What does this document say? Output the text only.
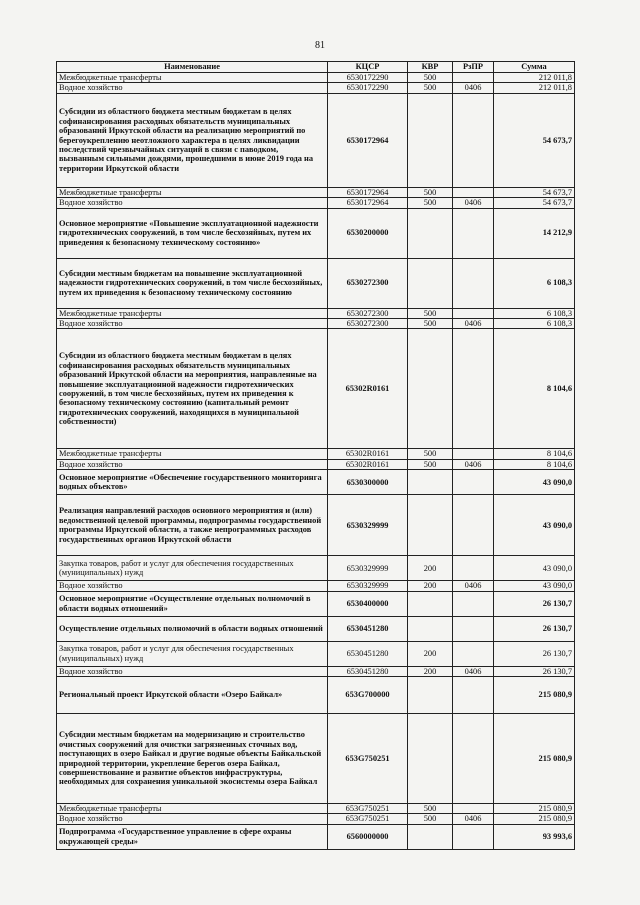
81
Наименование	КЦСР	КВР	РзПР	Сумма
Межбюджетные трансферты	6530172290	500		212 011,8
Водное хозяйство	6530172290	500	0406	212 011,8
Субсидии из областного бюджета местным бюджетам в целях софинансирования расходных обязательств муниципальных образований Иркутской области на реализацию мероприятий по берегоукреплению неотложного характера в целях ликвидации последствий чрезвычайных ситуаций в связи с паводком, вызванным сильными дождями, прошедшими в июне 2019 года на территории Иркутской области	6530172964			54 673,7
Межбюджетные трансферты	6530172964	500		54 673,7
Водное хозяйство	6530172964	500	0406	54 673,7
Основное мероприятие «Повышение эксплуатационной надежности гидротехнических сооружений, в том числе бесхозяйных, путем их приведения к безопасному техническому состоянию»	6530200000			14 212,9
Субсидии местным бюджетам на повышение эксплуатационной надежности гидротехнических сооружений, в том числе бесхозяйных, путем их приведения к безопасному техническому состоянию	6530272300			6 108,3
Межбюджетные трансферты	6530272300	500		6 108,3
Водное хозяйство	6530272300	500	0406	6 108,3
Субсидии из областного бюджета местным бюджетам в целях софинансирования расходных обязательств муниципальных образований Иркутской области на мероприятия, направленные на повышение эксплуатационной надежности гидротехнических сооружений, в том числе бесхозяйных, путем их приведения к безопасному техническому состоянию (капитальный ремонт гидротехнических сооружений, находящихся в муниципальной собственности)	65302R0161			8 104,6
Межбюджетные трансферты	65302R0161	500		8 104,6
Водное хозяйство	65302R0161	500	0406	8 104,6
Основное мероприятие «Обеспечение государственного мониторинга водных объектов»	6530300000			43 090,0
Реализация направлений расходов основного мероприятия и (или) ведомственной целевой программы, подпрограммы государственной программы Иркутской области, а также непрограммных расходов государственных органов Иркутской области	6530329999			43 090,0
Закупка товаров, работ и услуг для обеспечения государственных (муниципальных) нужд	6530329999	200		43 090,0
Водное хозяйство	6530329999	200	0406	43 090,0
Основное мероприятие «Осуществление отдельных полномочий в области водных отношений»	6530400000			26 130,7
Осуществление отдельных полномочий в области водных отношений	6530451280			26 130,7
Закупка товаров, работ и услуг для обеспечения государственных (муниципальных) нужд	6530451280	200		26 130,7
Водное хозяйство	6530451280	200	0406	26 130,7
Региональный проект Иркутской области «Озеро Байкал»	653G700000			215 080,9
Субсидии местным бюджетам на модернизацию и строительство очистных сооружений для очистки загрязненных сточных вод, поступающих в озеро Байкал и другие водные объекты Байкальской природной территории, укрепление берегов озера Байкал, совершенствование и развитие объектов инфраструктуры, необходимых для сохранения уникальной экосистемы озера Байкал	653G750251			215 080,9
Межбюджетные трансферты	653G750251	500		215 080,9
Водное хозяйство	653G750251	500	0406	215 080,9
Подпрограмма «Государственное управление в сфере охраны окружающей среды»	6560000000			93 993,6
